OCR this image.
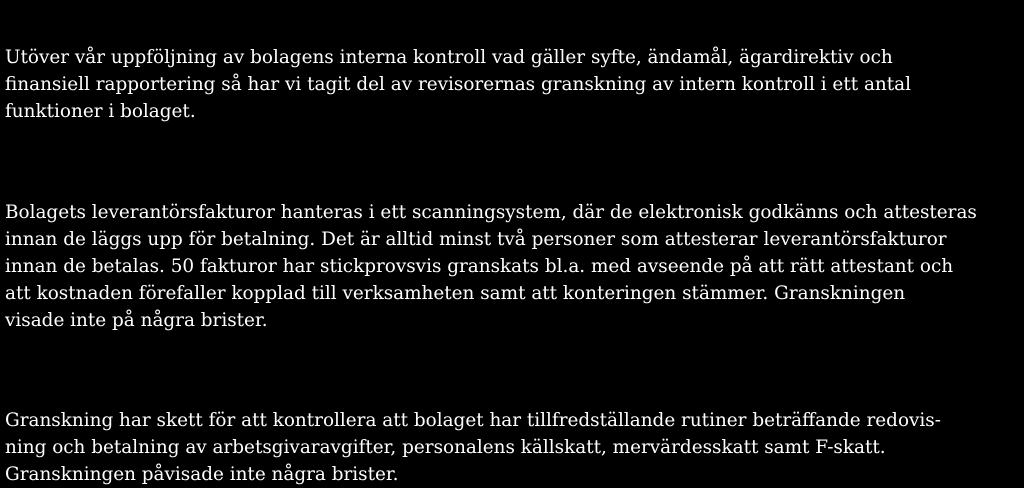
Utöver vår uppföljning av bolagens interna kontroll vad gäller syfte, ändamål, ägardirektiv och
finansiell rapportering så har vi tagit del av revisorernas granskning av intern kontroll i ett antal
funktioner i bolaget.

Bolagets leverantörsfakturor hanteras i ett scanningsystem, där de elektronisk godkänns och attesteras
innan de läggs upp för betalning. Det är alltid minst två personer som attesterar leverantörsfakturor
innan de betalas. 50 fakturor har stickprovsvis granskats bl.a. med avseende på att rätt attestant och
att kostnaden förefaller kopplad till verksamheten samt att konteringen stämmer. Granskningen
visade inte på några brister.

Granskning har skett för att kontrollera att bolaget har tillfredställande rutiner beträffande redovis-
ning och betalning av arbetsgivaravgifter, personalens källskatt, mervärdesskatt samt F-skatt.
Granskningen påvisade inte några brister.
